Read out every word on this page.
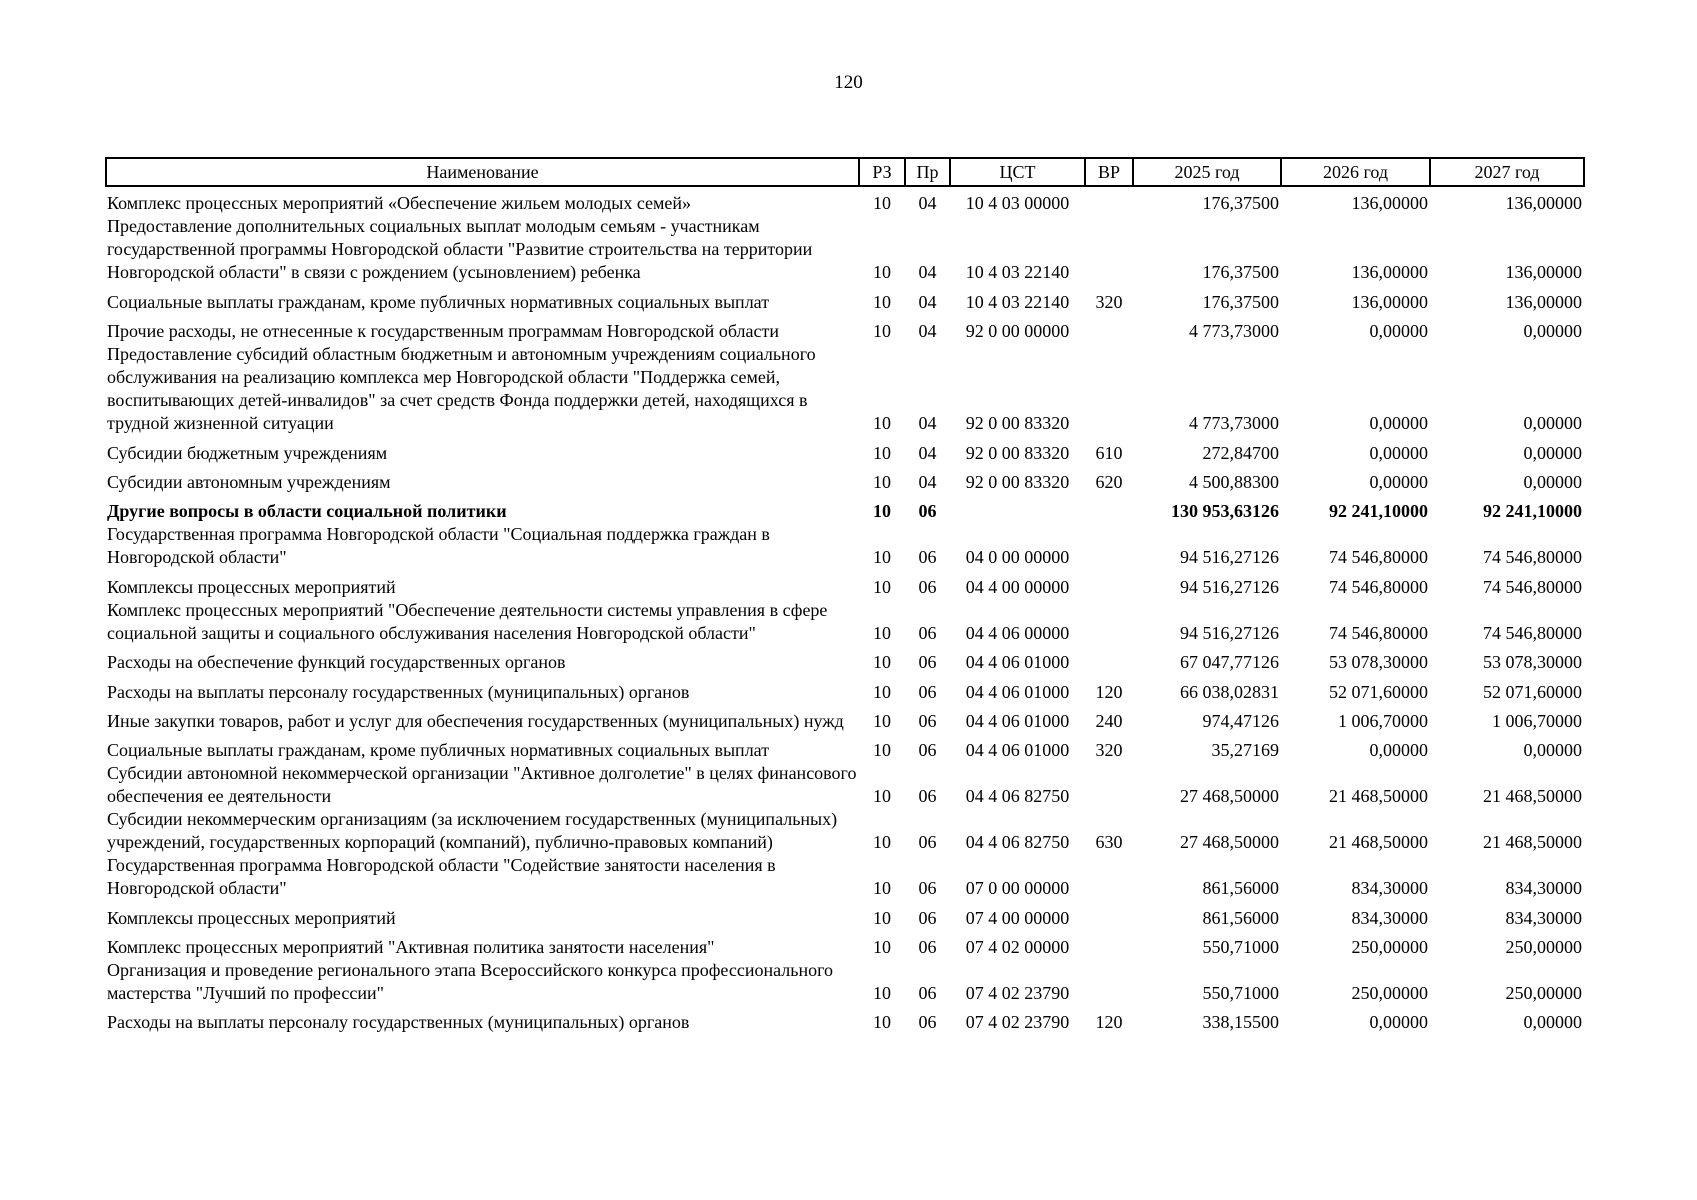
120
Наименование	РЗ	Пр	ЦСТ	ВР	2025 год	2026 год	2027 год
Комплекс процессных мероприятий «Обеспечение жильем молодых семей»	10	04	10 4 03 00000		176,37500	136,00000	136,00000
Предоставление дополнительных социальных выплат молодым семьям - участникам государственной программы Новгородской области "Развитие строительства на территории Новгородской области" в связи с рождением (усыновлением) ребенка	10	04	10 4 03 22140		176,37500	136,00000	136,00000
Социальные выплаты гражданам, кроме публичных нормативных социальных выплат	10	04	10 4 03 22140	320	176,37500	136,00000	136,00000
Прочие расходы, не отнесенные к государственным программам Новгородской области	10	04	92 0 00 00000		4 773,73000	0,00000	0,00000
Предоставление субсидий областным бюджетным и автономным учреждениям социального обслуживания на реализацию комплекса мер Новгородской области "Поддержка семей, воспитывающих детей-инвалидов" за счет средств Фонда поддержки детей, находящихся в трудной жизненной ситуации	10	04	92 0 00 83320		4 773,73000	0,00000	0,00000
Субсидии бюджетным учреждениям	10	04	92 0 00 83320	610	272,84700	0,00000	0,00000
Субсидии автономным учреждениям	10	04	92 0 00 83320	620	4 500,88300	0,00000	0,00000
Другие вопросы в области социальной политики	10	06			130 953,63126	92 241,10000	92 241,10000
Государственная программа Новгородской области "Социальная поддержка граждан в Новгородской области"	10	06	04 0 00 00000		94 516,27126	74 546,80000	74 546,80000
Комплексы процессных мероприятий	10	06	04 4 00 00000		94 516,27126	74 546,80000	74 546,80000
Комплекс процессных мероприятий "Обеспечение деятельности системы управления в сфере социальной защиты и социального обслуживания населения Новгородской области"	10	06	04 4 06 00000		94 516,27126	74 546,80000	74 546,80000
Расходы на обеспечение функций государственных органов	10	06	04 4 06 01000		67 047,77126	53 078,30000	53 078,30000
Расходы на выплаты персоналу государственных (муниципальных) органов	10	06	04 4 06 01000	120	66 038,02831	52 071,60000	52 071,60000
Иные закупки товаров, работ и услуг для обеспечения государственных (муниципальных) нужд	10	06	04 4 06 01000	240	974,47126	1 006,70000	1 006,70000
Социальные выплаты гражданам, кроме публичных нормативных социальных выплат	10	06	04 4 06 01000	320	35,27169	0,00000	0,00000
Субсидии автономной некоммерческой организации "Активное долголетие" в целях финансового обеспечения ее деятельности	10	06	04 4 06 82750		27 468,50000	21 468,50000	21 468,50000
Субсидии некоммерческим организациям (за исключением государственных (муниципальных) учреждений, государственных корпораций (компаний), публично-правовых компаний)	10	06	04 4 06 82750	630	27 468,50000	21 468,50000	21 468,50000
Государственная программа Новгородской области "Содействие занятости населения в Новгородской области"	10	06	07 0 00 00000		861,56000	834,30000	834,30000
Комплексы процессных мероприятий	10	06	07 4 00 00000		861,56000	834,30000	834,30000
Комплекс процессных мероприятий "Активная политика занятости населения"	10	06	07 4 02 00000		550,71000	250,00000	250,00000
Организация и проведение регионального этапа Всероссийского конкурса профессионального мастерства "Лучший по профессии"	10	06	07 4 02 23790		550,71000	250,00000	250,00000
Расходы на выплаты персоналу государственных (муниципальных) органов	10	06	07 4 02 23790	120	338,15500	0,00000	0,00000
